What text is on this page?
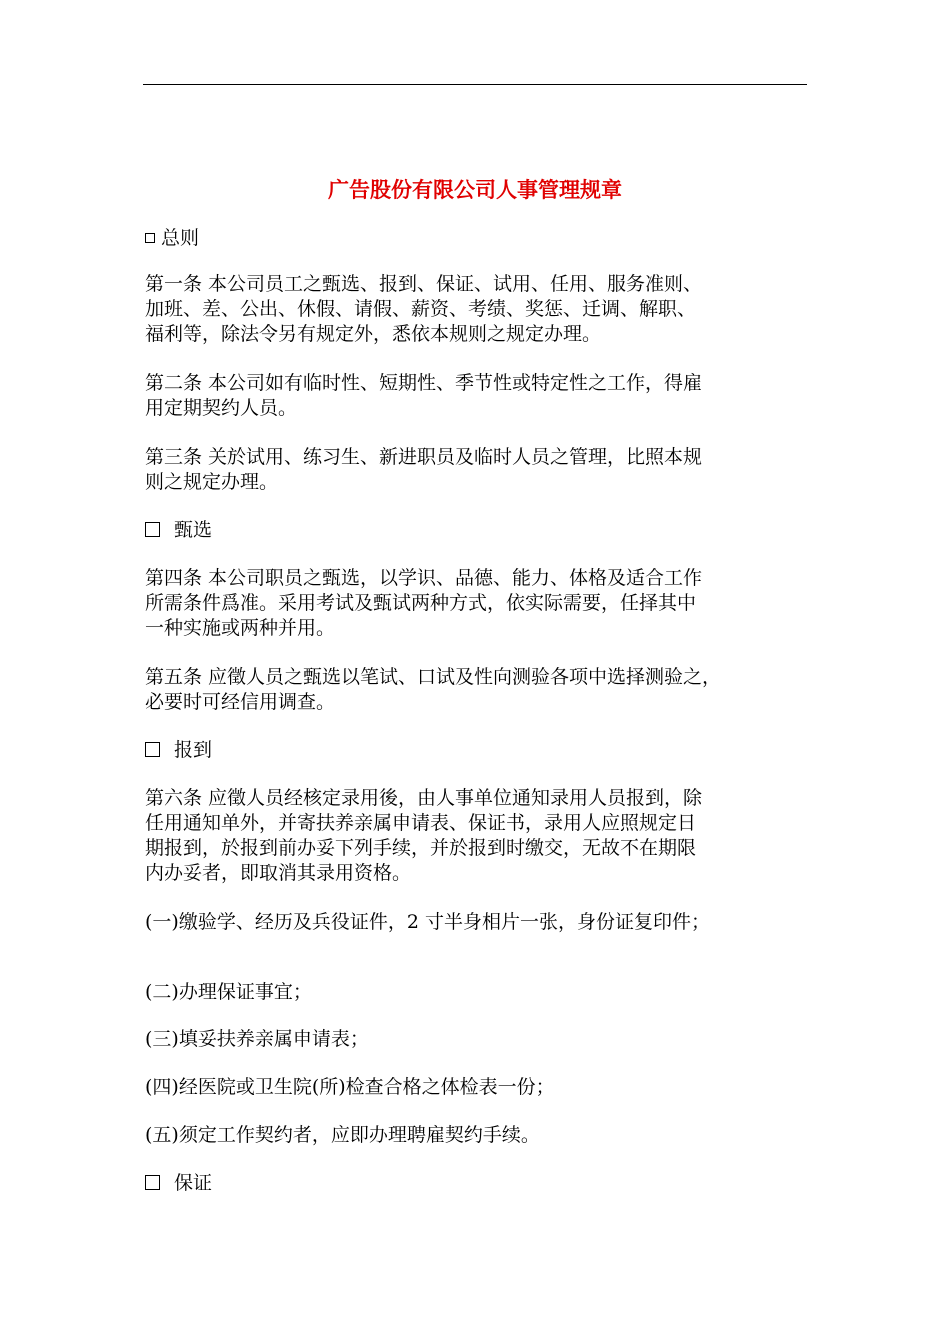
广告股份有限公司人事管理规章
总则
第一条 本公司员工之甄选、报到、保证、试用、任用、服务准则、
加班、差、公出、休假、请假、薪资、考绩、奖惩、迁调、解职、
福利等，除法令另有规定外，悉依本规则之规定办理。
第二条 本公司如有临时性、短期性、季节性或特定性之工作，得雇
用定期契约人员。
第三条 关於试用、练习生、新进职员及临时人员之管理，比照本规
则之规定办理。
甄选
第四条 本公司职员之甄选，以学识、品德、能力、体格及适合工作
所需条件爲准。采用考试及甄试两种方式，依实际需要，任择其中
一种实施或两种并用。
第五条 应徵人员之甄选以笔试、口试及性向测验各项中选择测验之，
必要时可经信用调查。
报到
第六条 应徵人员经核定录用後，由人事单位通知录用人员报到，除
任用通知单外，并寄扶养亲属申请表、保证书，录用人应照规定日
期报到，於报到前办妥下列手续，并於报到时缴交，无故不在期限
内办妥者，即取消其录用资格。
(一)缴验学、经历及兵役证件，2 寸半身相片一张，身份证复印件；
(二)办理保证事宜；
(三)填妥扶养亲属申请表；
(四)经医院或卫生院(所)检查合格之体检表一份；
(五)须定工作契约者，应即办理聘雇契约手续。
保证
